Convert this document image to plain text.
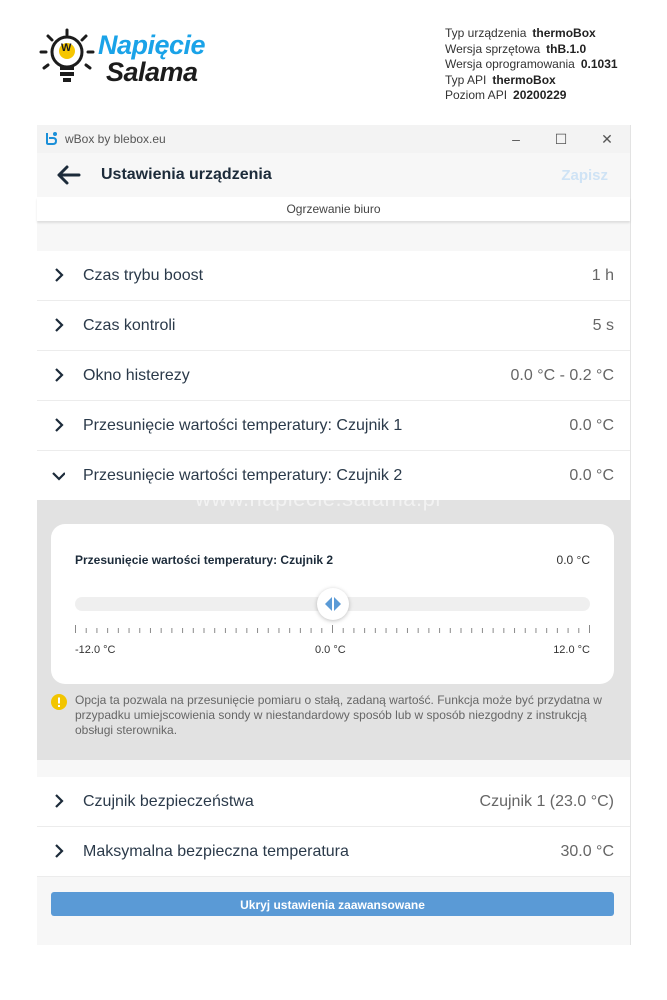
W Napięcie
Salama
Typ urządzenia thermoBox
Wersja sprzętowa thB.1.0
Wersja oprogramowania 0.1031
Typ API thermoBox
Poziom API 20200229
wBox by blebox.eu	–	☐ ✕
Ustawienia urządzenia	Zapisz
Ogrzewanie biuro
Czas trybu boost	1 h
Czas kontroli	5 s
Okno histerezy	0.0 °C - 0.2 °C
Przesunięcie wartości temperatury: Czujnik 1	0.0 °C
Przesunięcie wartości temperatury: Czujnik 2	0.0 °C
www.napiecie.salama.pl
Przesunięcie wartości temperatury: Czujnik 2	0.0 °C
-12.0 °C	0.0 °C	12.0 °C
Opcja ta pozwala na przesunięcie pomiaru o stałą, zadaną wartość. Funkcja może być przydatna w przypadku umiejscowienia sondy w niestandardowy sposób lub w sposób niezgodny z instrukcją obsługi sterownika.
Czujnik bezpieczeństwa	Czujnik 1 (23.0 °C)
Maksymalna bezpieczna temperatura	30.0 °C
Ukryj ustawienia zaawansowane
